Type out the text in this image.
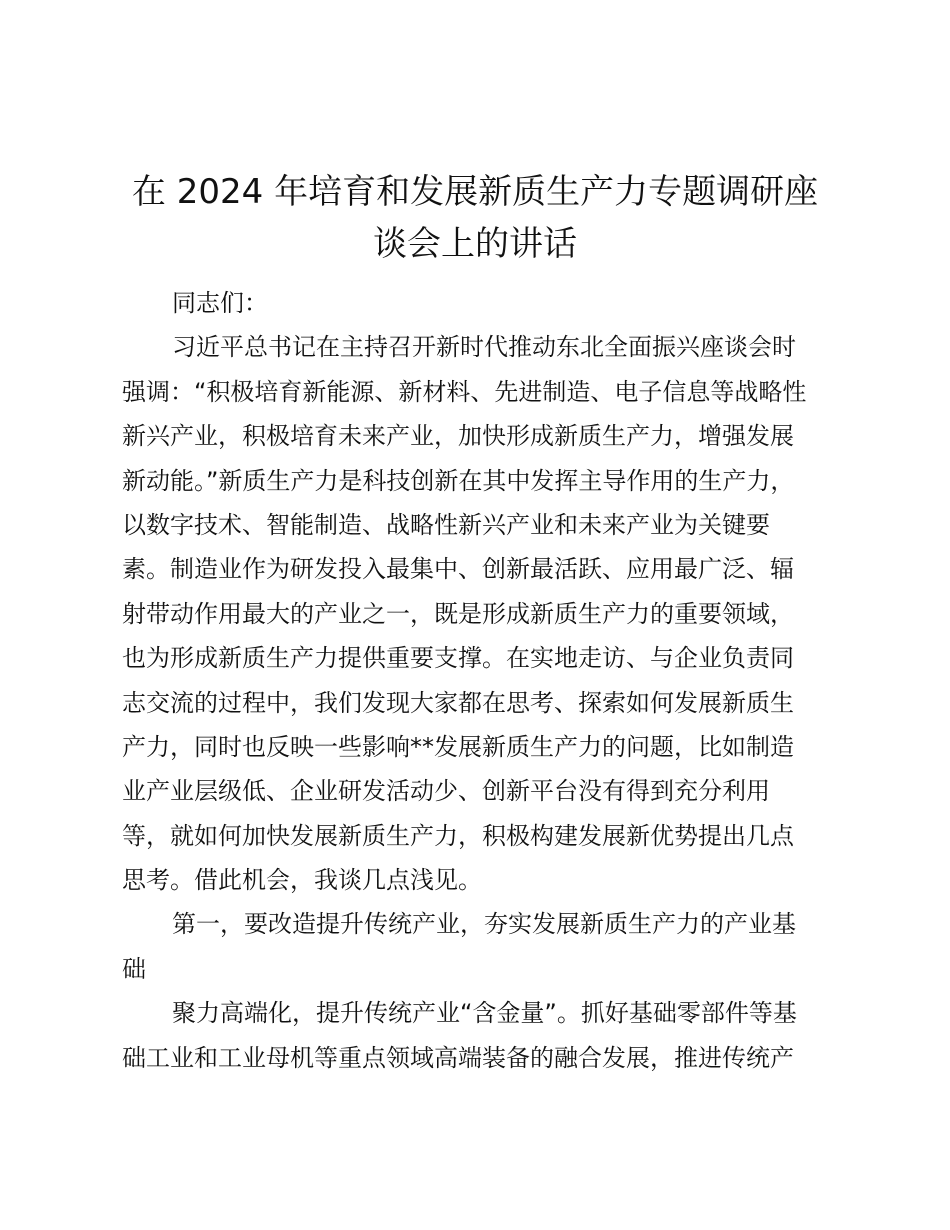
在 2024 年培育和发展新质生产力专题调研座
谈会上的讲话
同志们：
习近平总书记在主持召开新时代推动东北全面振兴座谈会时
强调：“积极培育新能源、新材料、先进制造、电子信息等战略性
新兴产业，积极培育未来产业，加快形成新质生产力，增强发展
新动能。”新质生产力是科技创新在其中发挥主导作用的生产力，
以数字技术、智能制造、战略性新兴产业和未来产业为关键要
素。制造业作为研发投入最集中、创新最活跃、应用最广泛、辐
射带动作用最大的产业之一，既是形成新质生产力的重要领域，
也为形成新质生产力提供重要支撑。在实地走访、与企业负责同
志交流的过程中，我们发现大家都在思考、探索如何发展新质生
产力，同时也反映一些影响**发展新质生产力的问题，比如制造
业产业层级低、企业研发活动少、创新平台没有得到充分利用
等，就如何加快发展新质生产力，积极构建发展新优势提出几点
思考。借此机会，我谈几点浅见。
第一，要改造提升传统产业，夯实发展新质生产力的产业基
础
聚力高端化，提升传统产业“含金量”。抓好基础零部件等基
础工业和工业母机等重点领域高端装备的融合发展，推进传统产
